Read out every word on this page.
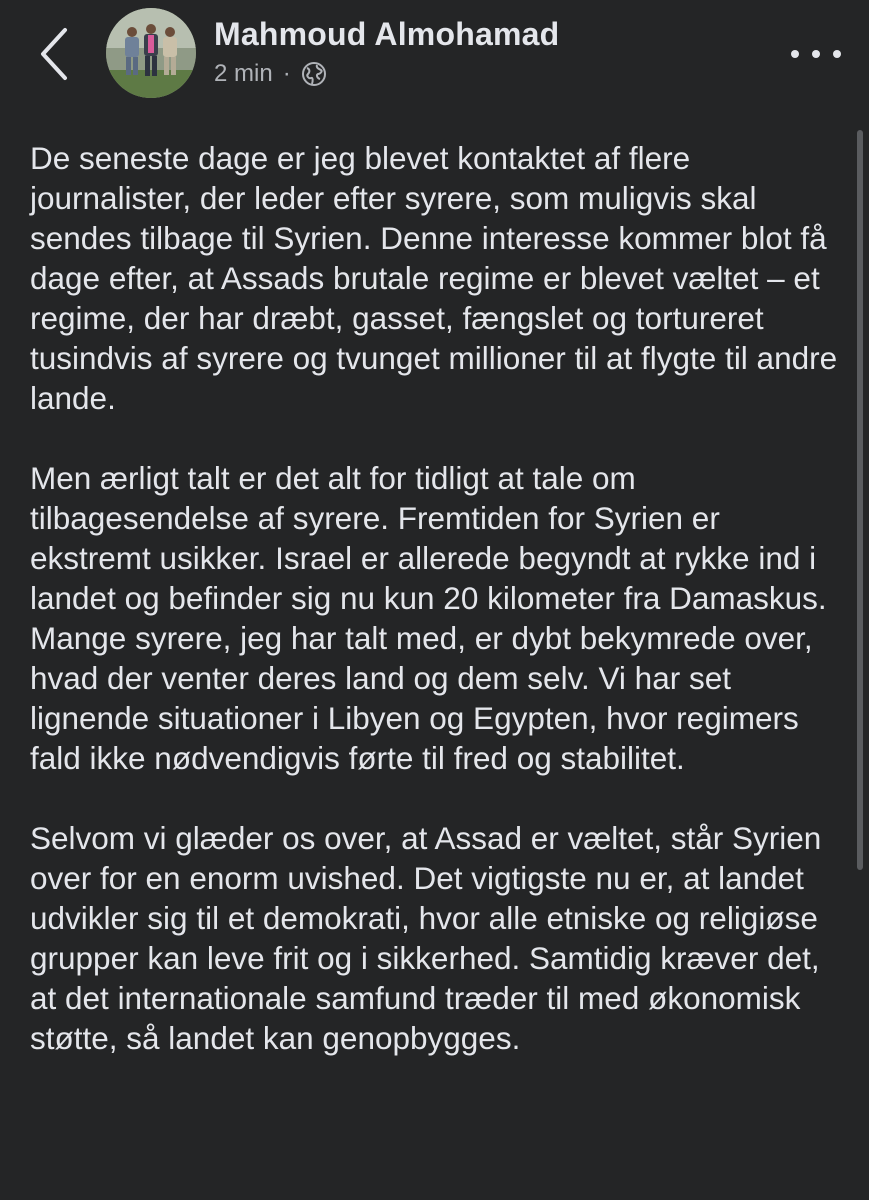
Mahmoud Almohamad
2 min ·

De seneste dage er jeg blevet kontaktet af flere journalister, der leder efter syrere, som muligvis skal sendes tilbage til Syrien. Denne interesse kommer blot få dage efter, at Assads brutale regime er blevet væltet – et regime, der har dræbt, gasset, fængslet og tortureret tusindvis af syrere og tvunget millioner til at flygte til andre lande.

Men ærligt talt er det alt for tidligt at tale om tilbagesendelse af syrere. Fremtiden for Syrien er ekstremt usikker. Israel er allerede begyndt at rykke ind i landet og befinder sig nu kun 20 kilometer fra Damaskus. Mange syrere, jeg har talt med, er dybt bekymrede over, hvad der venter deres land og dem selv. Vi har set lignende situationer i Libyen og Egypten, hvor regimers fald ikke nødvendigvis førte til fred og stabilitet.

Selvom vi glæder os over, at Assad er væltet, står Syrien over for en enorm uvished. Det vigtigste nu er, at landet udvikler sig til et demokrati, hvor alle etniske og religiøse grupper kan leve frit og i sikkerhed. Samtidig kræver det, at det internationale samfund træder til med økonomisk støtte, så landet kan genopbygges.
